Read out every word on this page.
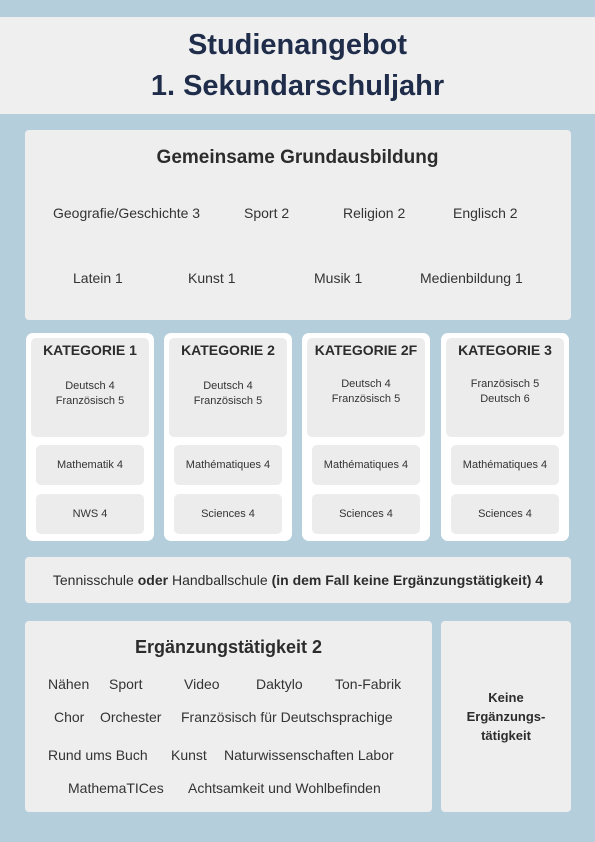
Studienangebot
1. Sekundarschuljahr
Gemeinsame Grundausbildung
Geografie/Geschichte 3	Sport 2	Religion 2	Englisch 2
Latein 1	Kunst 1	Musik 1	Medienbildung 1
KATEGORIE 1
Deutsch 4
Französisch 5
Mathematik 4
NWS 4
KATEGORIE 2
Deutsch 4
Französisch 5
Mathématiques 4
Sciences 4
KATEGORIE 2F
Deutsch 4
Französisch 5
Mathématiques 4
Sciences 4
KATEGORIE 3
Französisch 5
Deutsch 6
Mathématiques 4
Sciences 4
Tennisschule oder Handballschule (in dem Fall keine Ergänzungstätigkeit) 4
Ergänzungstätigkeit 2
Nähen Sport	Video	Daktylo Ton-Fabrik
Chor Orchester Französisch für Deutschsprachige
Rund ums Buch Kunst Naturwissenschaften Labor
MathemaTICes Achtsamkeit und Wohlbefinden
Keine
Ergänzungs-
tätigkeit
